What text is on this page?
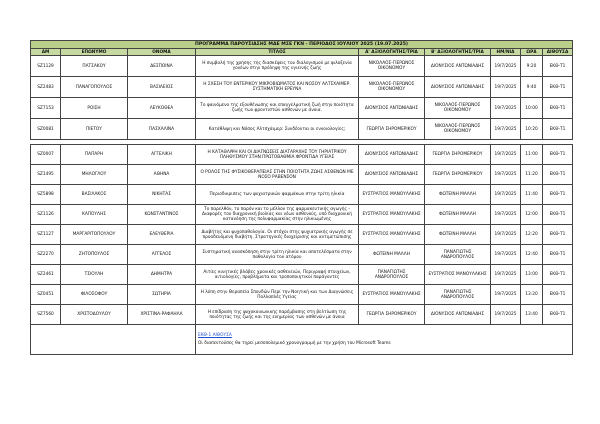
ΠΡΟΓΡΑΜΜΑ ΠΑΡΟΥΣΙΑΣΗΣ ΜΔΕ ΜΣΕ ΓΚΝ - ΠΕΡΙΟΔΟΣ ΙΟΥΛΙΟΥ 2025 (19.07.2025)								
ΑΜ	ΕΠΩΝΥΜΟ	ΟΝΟΜΑ	ΤΙΤΛΟΣ	Α' ΑΞΙΟΛΟΓΗΤΗΣ/ΤΡΙΑ	Β' ΑΞΙΟΛΟΓΗΤΗΣ/ΤΡΙΑ	ΗΜ/ΝΙΑ	ΩΡΑ	ΑΙΘΟΥΣΑ
SZ1129	ΠΑΤΣΑΚΟΥ	ΔΕΣΠΟΙΝΑ	Η συμβολή της χρήσης της διασκέψεις του διαλογισμού με φιλοξενία γονέων στην πρόληψη της υγιεινής ζωής	ΝΙΚΟΛΑΟΣ-ΓΙΕΡΩΝΟΣ ΟΙΚΟΝΟΜΟΥ	ΔΙΟΝΥΣΙΟΣ ΑΝΤΩΝΙΑΔΗΣ	19/7/2025	9:20	ΕΚΘ-Τ1
SZ2483	ΠΑΝΑΓΟΠΟΥΛΟΣ	ΒΑΣΙΛΕΙΟΣ	Η ΣΧΕΣΗ ΤΟΥ ΕΝΤΕΡΙΚΟΥ ΜΙΚΡΟΒΙΩΜΑΤΟΣ ΚΑΙ ΝΟΣΟΥ ΑΛΤΣΧΑΙΜΕΡ. ΣΥΣΤΗΜΑΤΙΚΗ ΕΡΕΥΝΑ	ΝΙΚΟΛΑΟΣ-ΓΙΕΡΩΝΟΣ ΟΙΚΟΝΟΜΟΥ	ΔΙΟΝΥΣΙΟΣ ΑΝΤΩΝΙΑΔΗΣ	19/7/2025	9:40	ΕΚΘ-Τ1
SZ7153	ΡΟΙΣΗ	ΛΕΥΚΟΘΕΑ	Το φαινόμενο της εξουθένωσης και επαγγελματική ζωή στην ποιότητα ζωής των φροντιστών ασθενών με άνοια.	ΔΙΟΝΥΣΙΟΣ ΑΝΤΩΝΙΑΔΗΣ	ΝΙΚΟΛΑΟΣ-ΓΙΕΡΩΝΟΣ ΟΙΚΟΝΟΜΟΥ	19/7/2025	10:00	ΕΚΘ-Τ1
SZ0081	ΠΙΕΤΟΥ	ΠΑΣΧΑΛΙΝΑ	Κατάθλιψη και Νόσος Αλτσχάιμερ: Συνδέονται οι εννοιολογίες;	ΓΕΩΡΓΙΑ ΣΗΡΟΜΕΡΙΚΟΥ	ΝΙΚΟΛΑΟΣ-ΓΙΕΡΩΝΟΣ ΟΙΚΟΝΟΜΟΥ	19/7/2025	10:20	ΕΚΘ-Τ1

SZ0007	ΠΑΠΑΡΗ	ΑΓΓΕΛΙΚΗ	Η ΚΑΤΑΘΛΙΨΗ ΚΑΙ ΟΙ ΔΙΑΓΝΩΣΕΙΣ ΔΙΑΤΑΡΑΧΗΣ ΤΟΥ ΓΗΡΙΑΤΡΙΚΟΥ ΠΛΗΘΥΣΜΟΥ ΣΤΗΝ ΠΡΩΤΟΒΑΘΜΙΑ ΦΡΟΝΤΙΔΑ ΥΓΕΙΑΣ	ΔΙΟΝΥΣΙΟΣ ΑΝΤΩΝΙΑΔΗΣ	ΓΕΩΡΓΙΑ ΣΗΡΟΜΕΡΙΚΟΥ	19/7/2025	11:00	ΕΚΘ-Τ1
SZ1495	ΜΗΛΟΓΛΟΥ	ΑΘΗΝΑ	Ο ΡΟΛΟΣ ΤΗΣ ΦΥΣΙΚΟΘΕΡΑΠΕΙΑΣ ΣΤΗΝ ΠΟΙΟΤΗΤΑ ΖΩΗΣ ΑΣΘΕΝΩΝ ΜΕ ΝΟΣΟ ΡΑΒΕΝΣΟΝ	ΔΙΟΝΥΣΙΟΣ ΑΝΤΩΝΙΑΔΗΣ	ΓΕΩΡΓΙΑ ΣΗΡΟΜΕΡΙΚΟΥ	19/7/2025	11:20	ΕΚΘ-Τ1
SZ5898	ΒΑΣΙΛΑΚΟΣ	ΝΙΚΗΤΑΣ	Περιοδικρισεις των ψυχιατρικών φαρμάκων στην τρίτη ηλικία	ΕΥΣΤΡΑΤΙΟΣ ΜΑΝΟΥΛΑΚΗΣ	ΦΩΤΕΙΝΗ ΜΑΛΛΗ	19/7/2025	11:40	ΕΚΘ-Τ1
SZ1126	ΚΑΠΟΥΛΗΣ	ΚΩΝΣΤΑΝΤΙΝΟΣ	Το παρελθόν, το παρόν και το μέλλον της φαρμακευτικής αγωγής - Διαφορές του διαχρονική βιολίας και νέων ασθενούς, υπό διαχρονική κατανόηση της πολυφαρμακίας στην ηλικιωμένης	ΕΥΣΤΡΑΤΙΟΣ ΜΑΝΟΥΛΑΚΗΣ	ΦΩΤΕΙΝΗ ΜΑΛΛΗ	19/7/2025	12:00	ΕΚΘ-Τ1
SZ1127	ΜΑΡΓΑΡΙΤΟΠΟΥΛΟΥ	ΕΛΕΥΘΕΡΙΑ	Διαβήτης και ψυχοπαθολογία. Οι στόχοι στης ψυχιατρικής αγωγής σε προοδευόμενη διαβήτη. Στρατηγικές διαχείρισης και αντιμετώπισης	ΕΥΣΤΡΑΤΙΟΣ ΜΑΝΟΥΛΑΚΗΣ	ΦΩΤΕΙΝΗ ΜΑΛΛΗ	19/7/2025	12:20	ΕΚΘ-Τ1
SZ2270	ΖΗΤΟΠΟΥΛΟΣ	ΑΓΓΕΛΟΣ	Συστηματική ανασκόπηση στην τρίτη ηλικία και αποτελέσματα στην παθολογία του ατόμου	ΦΩΤΕΙΝΗ ΜΑΛΛΗ	ΠΑΝΑΓΙΩΤΗΣ ΑΝΔΡΟΠΟΥΛΟΣ	19/7/2025	12:40	ΕΚΘ-Τ1
SZ2461	ΤΣΙΟΥΛΗ	ΔΗΜΗΤΡΑ	Αιτίες κινητικές βλάβες χρονικές ασθενειών, Περιγραφή στοιχείων, αιτιολογίες, προβλήματα και τροποποιητικοί παράγοντες	ΠΑΝΑΓΙΩΤΗΣ ΑΝΔΡΟΠΟΥΛΟΣ	ΕΥΣΤΡΑΤΙΟΣ ΜΑΝΟΥΛΑΚΗΣ	19/7/2025	13:00	ΕΚΘ-Τ1
SZ0451	ΦΙΛΟΣΟΦΟΥ	ΣΩΤΗΡΙΑ	Η λύπη στην Θεραπεία Σπουδών Περί την Νοητική και των Διαγνώσεις Πολλαπλές Υγείας	ΕΥΣΤΡΑΤΙΟΣ ΜΑΝΟΥΛΑΚΗΣ	ΠΑΝΑΓΙΩΤΗΣ ΑΝΔΡΟΠΟΥΛΟΣ	19/7/2025	13:20	ΕΚΘ-Τ1
SZ7560	ΧΡΙΣΤΟΔΟΥΛΟΥ	ΧΡΙΣΤΙΝΑ-ΡΑΦΑΗΛΑ	Η επίδραση της ψυχοκοινωνικής παρέμβασης στη βελτίωση της ποιότητας της ζωής και της ευημερίας των ασθενών με άνοια	ΓΕΩΡΓΙΑ ΣΗΡΟΜΕΡΙΚΟΥ	ΔΙΟΝΥΣΙΟΣ ΑΝΤΩΝΙΑΔΗΣ	19/7/2025	13:40	ΕΚΘ-Τ1

			ΕΚΘ-1 ΑΙΘΟΥΣΑ
Οι διαπεντούσες θα τηρεί μεσοπολεμικό χρονογραμμή με την χρήση του Microsoft Teams					
